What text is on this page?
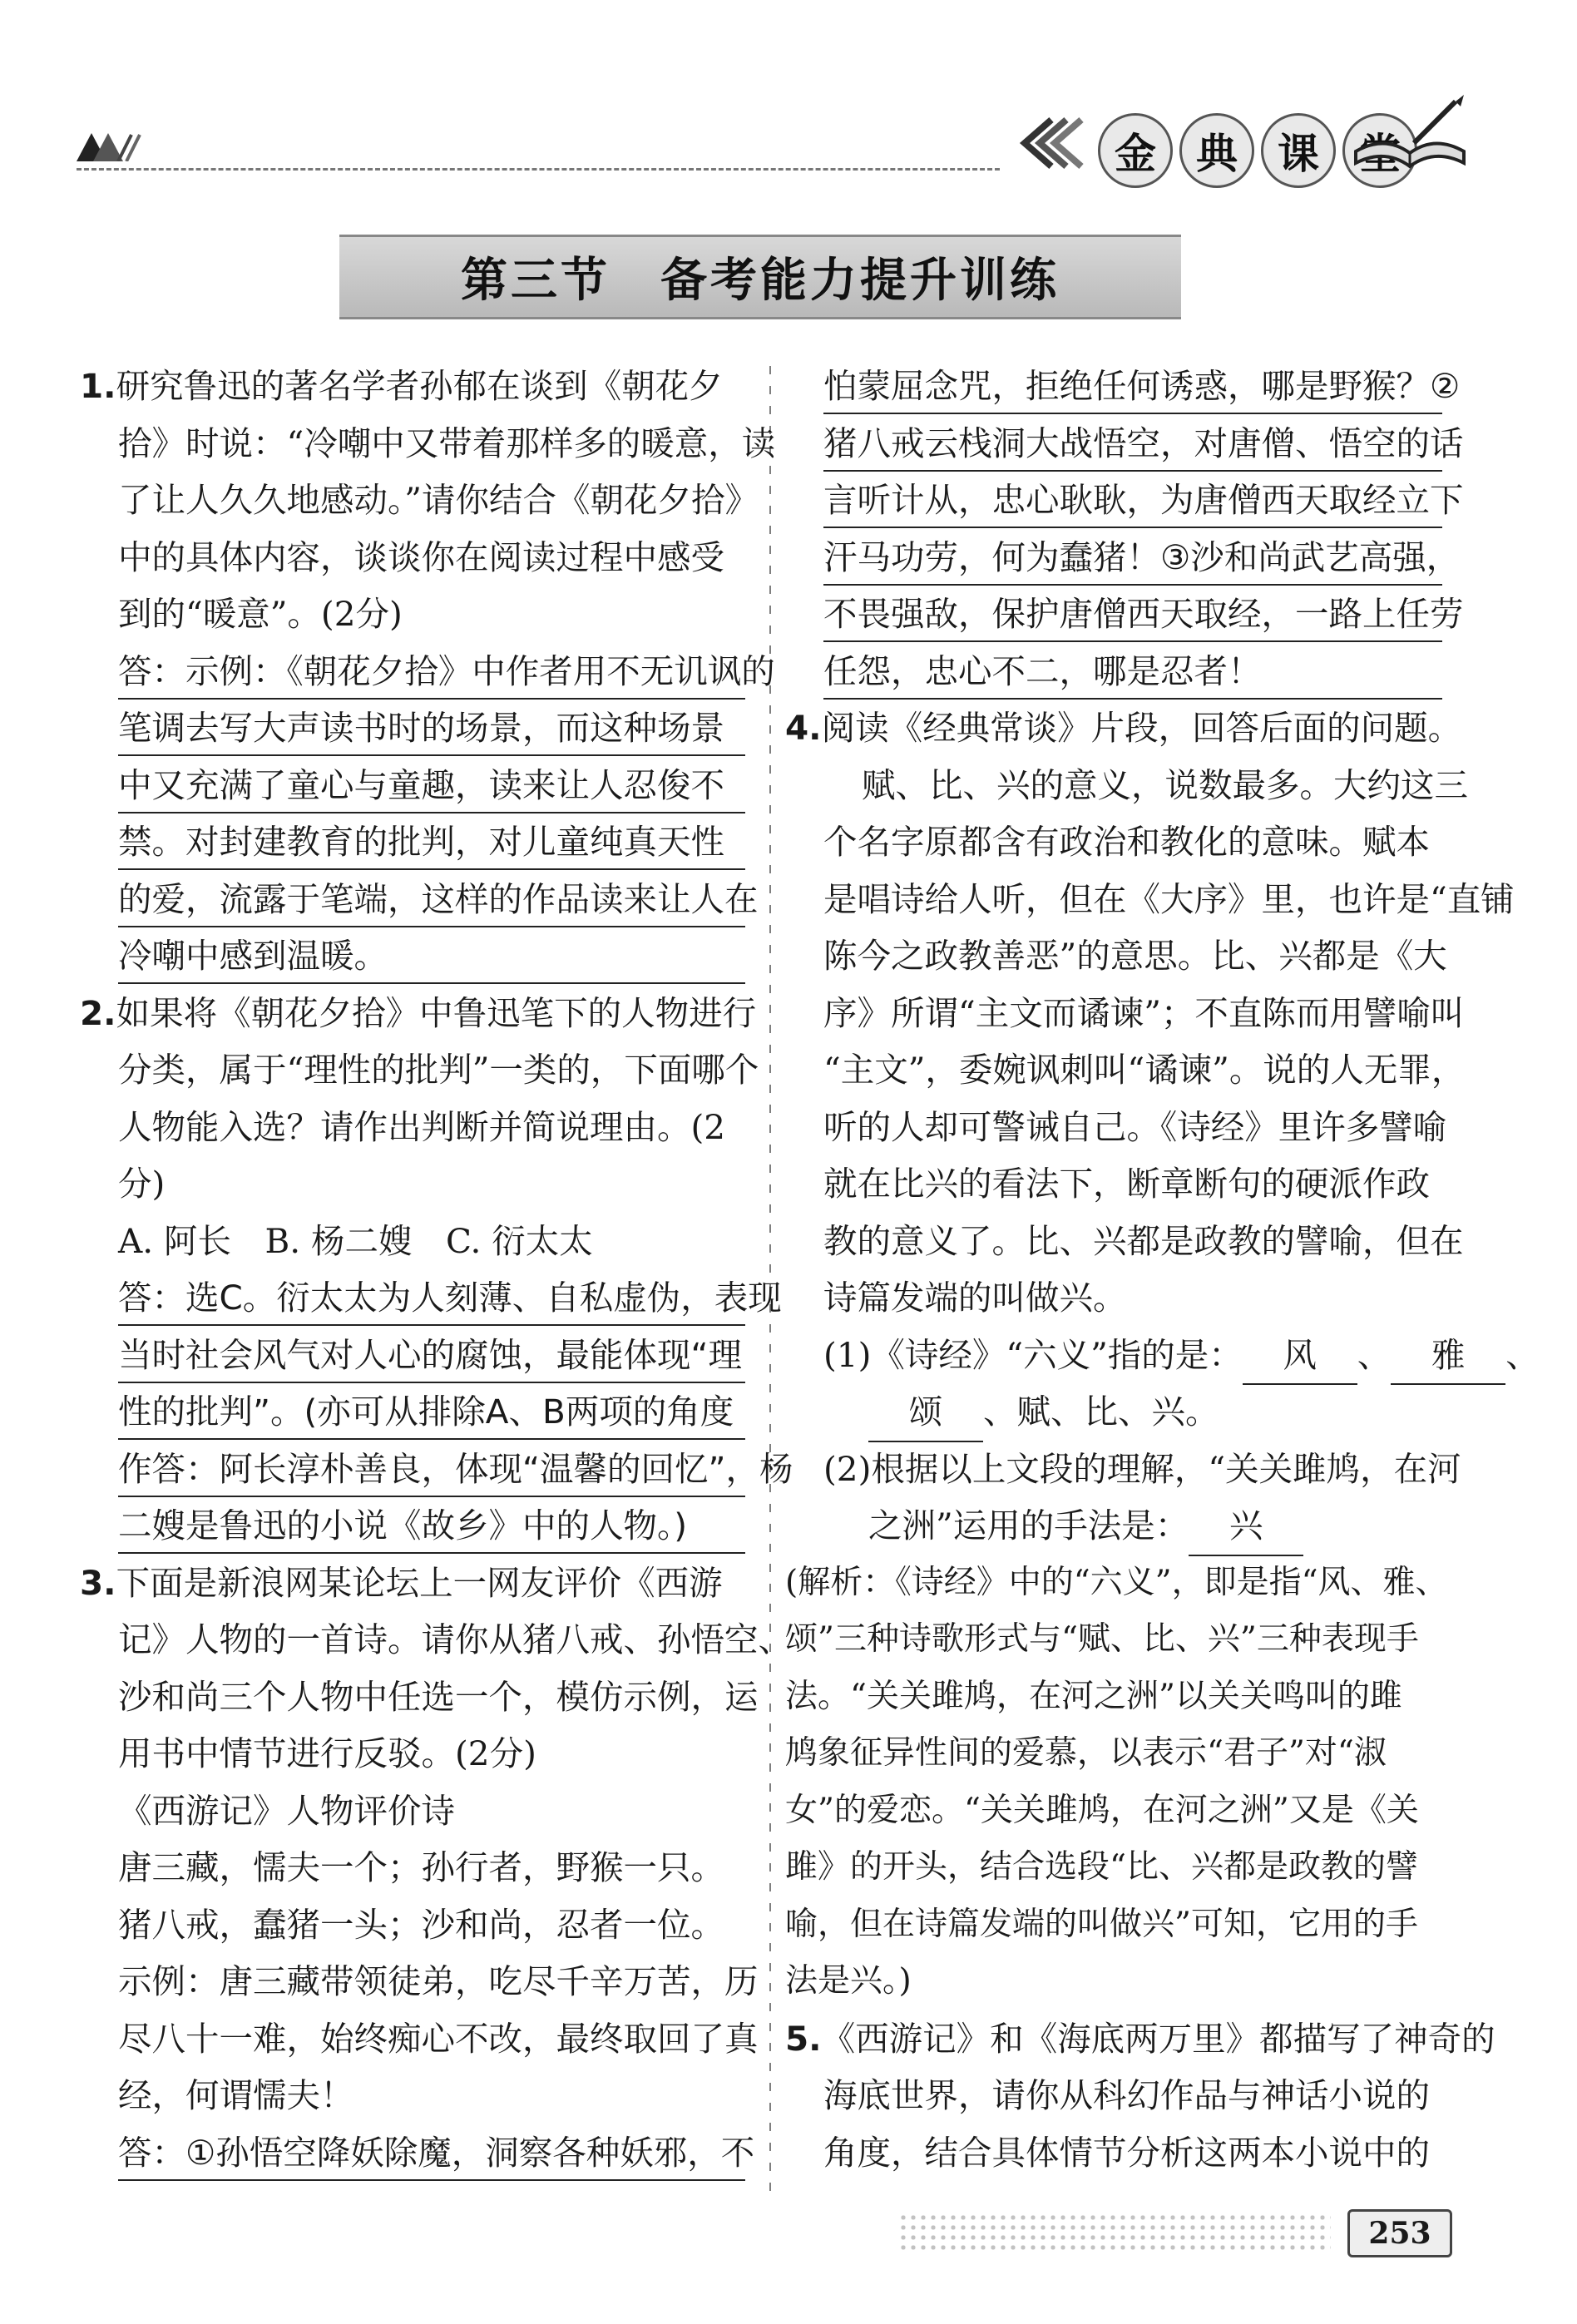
金 典 课
第三节　备考能力提升训练
1.研究鲁迅的著名学者孙郁在谈到《朝花夕
拾》时说：“冷嘲中又带着那样多的暖意，读
了让人久久地感动。”请你结合《朝花夕拾》
中的具体内容，谈谈你在阅读过程中感受
到的“暖意”。(2分)
答：示例：《朝花夕拾》中作者用不无讥讽的
笔调去写大声读书时的场景，而这种场景
中又充满了童心与童趣，读来让人忍俊不
禁。对封建教育的批判，对儿童纯真天性
的爱，流露于笔端，这样的作品读来让人在
冷嘲中感到温暖。
2.如果将《朝花夕拾》中鲁迅笔下的人物进行
分类，属于“理性的批判”一类的，下面哪个
人物能入选？请作出判断并简说理由。(2
分)
A. 阿长　B. 杨二嫂　C. 衍太太
答：选C。衍太太为人刻薄、自私虚伪，表现
当时社会风气对人心的腐蚀，最能体现“理
性的批判”。(亦可从排除A、B两项的角度
作答：阿长淳朴善良，体现“温馨的回忆”，杨
二嫂是鲁迅的小说《故乡》中的人物。)
3.下面是新浪网某论坛上一网友评价《西游
记》人物的一首诗。请你从猪八戒、孙悟空、
沙和尚三个人物中任选一个，模仿示例，运
用书中情节进行反驳。(2分)
《西游记》人物评价诗
唐三藏，懦夫一个；孙行者，野猴一只。
猪八戒，蠢猪一头；沙和尚，忍者一位。
示例：唐三藏带领徒弟，吃尽千辛万苦，历
尽八十一难，始终痴心不改，最终取回了真
经，何谓懦夫！
答：①孙悟空降妖除魔，洞察各种妖邪，不
怕蒙屈念咒，拒绝任何诱惑，哪是野猴？②
猪八戒云栈洞大战悟空，对唐僧、悟空的话
言听计从，忠心耿耿，为唐僧西天取经立下
汗马功劳，何为蠢猪！③沙和尚武艺高强，
不畏强敌，保护唐僧西天取经，一路上任劳
任怨，忠心不二，哪是忍者！
4.阅读《经典常谈》片段，回答后面的问题。
赋、比、兴的意义，说数最多。大约这三
个名字原都含有政治和教化的意味。赋本
是唱诗给人听，但在《大序》里，也许是“直铺
陈今之政教善恶”的意思。比、兴都是《大
序》所谓“主文而谲谏”；不直陈而用譬喻叫
“主文”，委婉讽刺叫“谲谏”。说的人无罪，
听的人却可警诫自己。《诗经》里许多譬喻
就在比兴的看法下，断章断句的硬派作政
教的意义了。比、兴都是政教的譬喻，但在
诗篇发端的叫做兴。
(1)《诗经》“六义”指的是： 风 、 雅 、
颂 、赋、比、兴。
(2)根据以上文段的理解，“关关雎鸠，在河
之洲”运用的手法是： 兴
(解析：《诗经》中的“六义”，即是指“风、雅、
颂”三种诗歌形式与“赋、比、兴”三种表现手
法。“关关雎鸠，在河之洲”以关关鸣叫的雎
鸠象征异性间的爱慕，以表示“君子”对“淑
女”的爱恋。“关关雎鸠，在河之洲”又是《关
雎》的开头，结合选段“比、兴都是政教的譬
喻，但在诗篇发端的叫做兴”可知，它用的手
法是兴。)
5.《西游记》和《海底两万里》都描写了神奇的
海底世界，请你从科幻作品与神话小说的
角度，结合具体情节分析这两本小说中的
253
